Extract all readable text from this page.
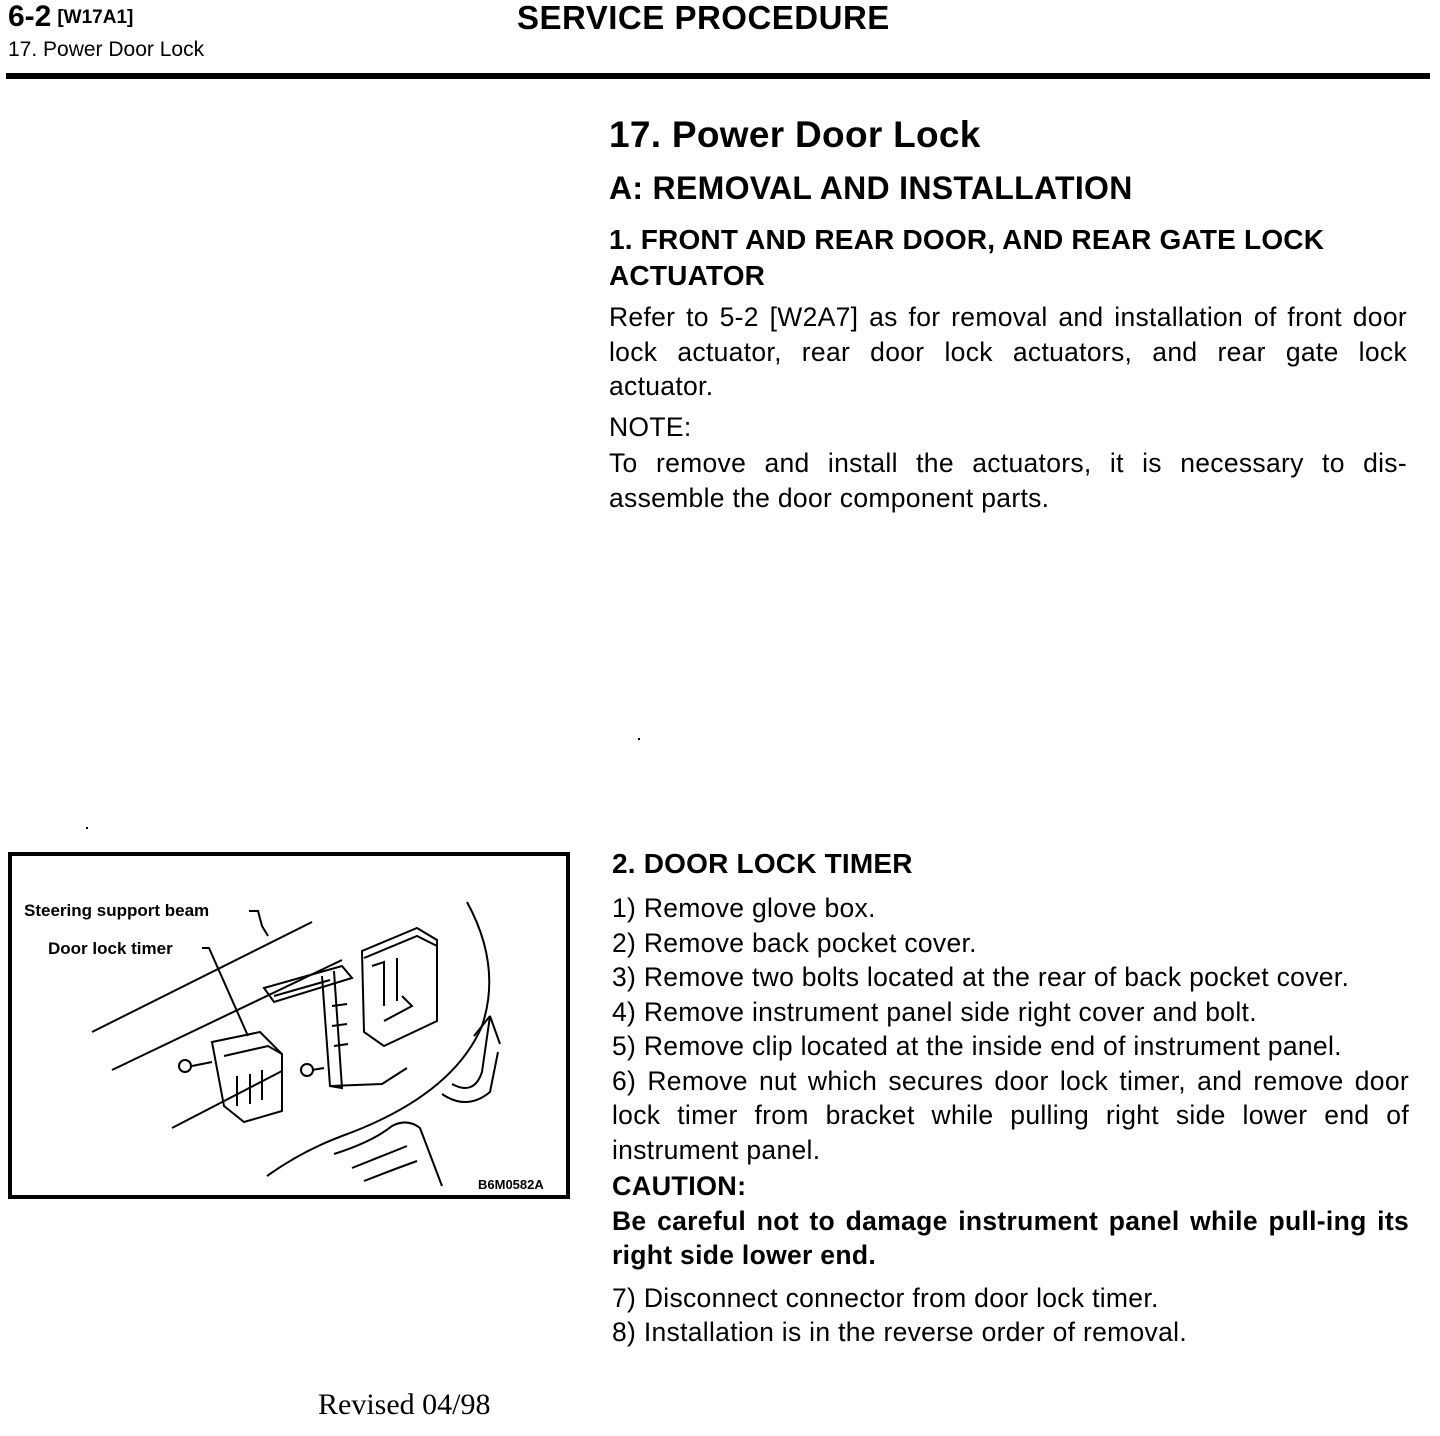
6-2 [W17A1]	SERVICE PROCEDURE
17. Power Door Lock
17. Power Door Lock
A: REMOVAL AND INSTALLATION
1. FRONT AND REAR DOOR, AND REAR GATE LOCK ACTUATOR
Refer to 5-2 [W2A7] as for removal and installation of front door lock actuator, rear door lock actuators, and rear gate lock actuator.
NOTE:
To remove and install the actuators, it is necessary to dis-assemble the door component parts.
2. DOOR LOCK TIMER

1) Remove glove box.

2) Remove back pocket cover.

3) Remove two bolts located at the rear of back pocket cover.

4) Remove instrument panel side right cover and bolt.

5) Remove clip located at the inside end of instrument panel.

6) Remove nut which secures door lock timer, and remove door lock timer from bracket while pulling right side lower end of instrument panel.

CAUTION:
Be careful not to damage instrument panel while pull-ing its right side lower end.

7) Disconnect connector from door lock timer.

8) Installation is in the reverse order of removal.

Steering support beam
Door lock timer
B6M0582A
Revised 04/98
